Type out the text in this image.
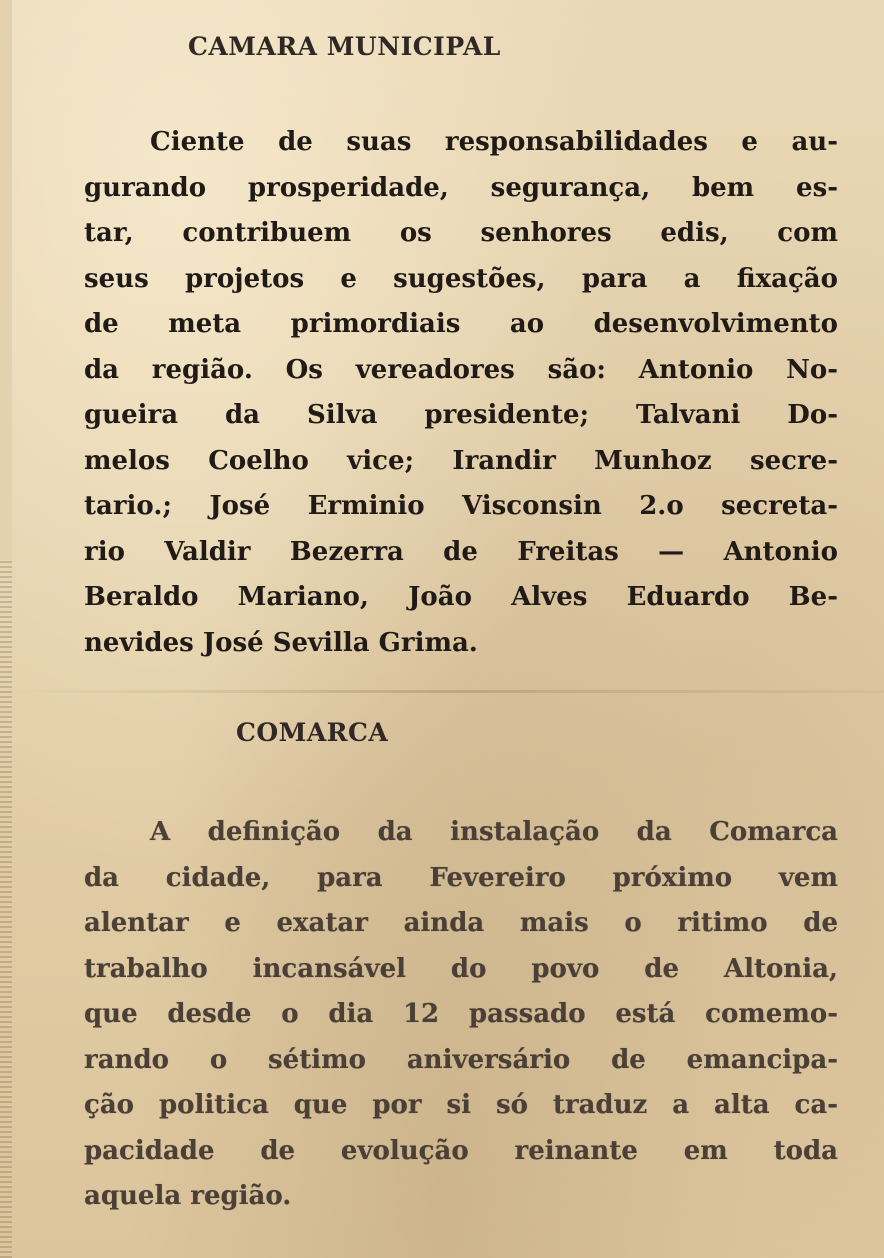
CAMARA MUNICIPAL
Ciente de suas responsabilidades e au-
gurando prosperidade, segurança, bem es-
tar, contribuem os senhores edis, com
seus projetos e sugestões, para a fixação
de meta primordiais ao desenvolvimento
da região. Os vereadores são: Antonio No-
gueira da Silva presidente; Talvani Do-
melos Coelho vice; Irandir Munhoz secre-
tario.; José Erminio Visconsin 2.o secreta-
rio Valdir Bezerra de Freitas — Antonio
Beraldo Mariano, João Alves Eduardo Be-
nevides José Sevilla Grima.
COMARCA
A definição da instalação da Comarca
da cidade, para Fevereiro próximo vem
alentar e exatar ainda mais o ritimo de
trabalho incansável do povo de Altonia,
que desde o dia 12 passado está comemo-
rando o sétimo aniversário de emancipa-
ção politica que por si só traduz a alta ca-
pacidade de evolução reinante em toda
aquela região.
